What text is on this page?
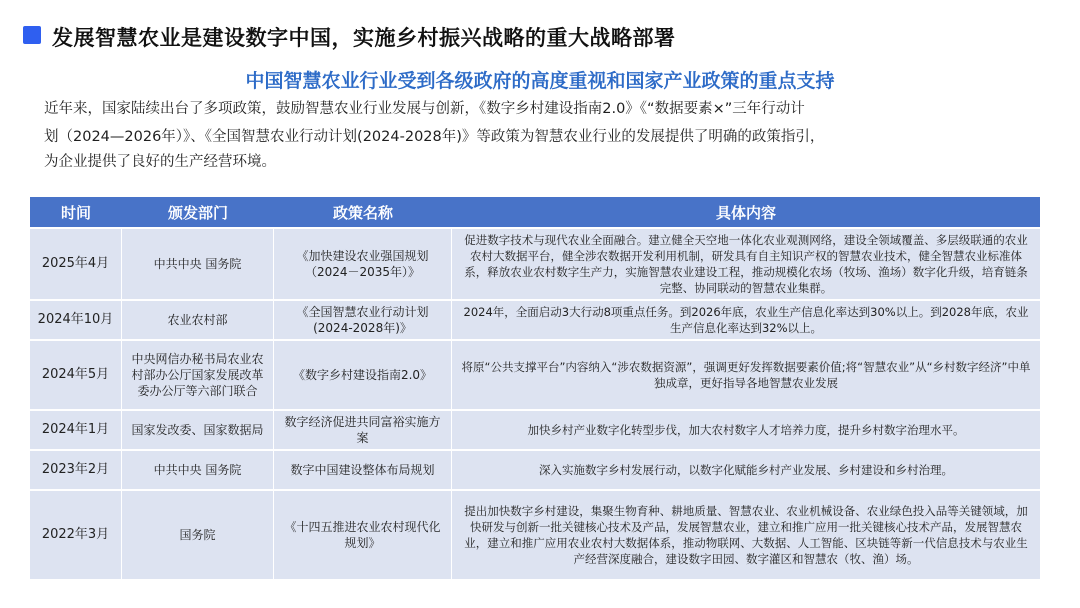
发展智慧农业是建设数字中国，实施乡村振兴战略的重大战略部署
中国智慧农业行业受到各级政府的高度重视和国家产业政策的重点支持

近年来，国家陆续出台了多项政策，鼓励智慧农业行业发展与创新，《数字乡村建设指南2.0》《“数据要素×”三年行动计

划（2024—2026年）》、《全国智慧农业行动计划(2024-2028年)》等政策为智慧农业行业的发展提供了明确的政策指引，

为企业提供了良好的生产经营环境。

时间	颁发部门	政策名称	具体内容
2025年4月	中共中央 国务院	《加快建设农业强国规划（2024－2035年）》	促进数字技术与现代农业全面融合。建立健全天空地一体化农业观测网络，建设全领域覆盖、多层级联通的农业农村大数据平台，健全涉农数据开发利用机制，研发具有自主知识产权的智慧农业技术，健全智慧农业标准体系，释放农业农村数字生产力，实施智慧农业建设工程，推动规模化农场（牧场、渔场）数字化升级，培育链条完整、协同联动的智慧农业集群。
2024年10月	农业农村部	《全国智慧农业行动计划(2024-2028年)》	2024年，全面启动3大行动8项重点任务。到2026年底，农业生产信息化率达到30%以上。到2028年底，农业生产信息化率达到32%以上。
2024年5月	中央网信办秘书局农业农村部办公厅国家发展改革委办公厅等六部门联合	《数字乡村建设指南2.0》	将原“公共支撑平台”内容纳入“涉农数据资源”，强调更好发挥数据要素价值;将“智慧农业”从“乡村数字经济”中单独成章，更好指导各地智慧农业发展
2024年1月	国家发改委、国家数据局	数字经济促进共同富裕实施方案	加快乡村产业数字化转型步伐，加大农村数字人才培养力度，提升乡村数字治理水平。
2023年2月	中共中央 国务院	数字中国建设整体布局规划	深入实施数字乡村发展行动，以数字化赋能乡村产业发展、乡村建设和乡村治理。
2022年3月	国务院	《十四五推进农业农村现代化规划》	提出加快数字乡村建设，集聚生物育种、耕地质量、智慧农业、农业机械设备、农业绿色投入品等关键领域，加快研发与创新一批关键核心技术及产品，发展智慧农业，建立和推广应用一批关键核心技术产品，发展智慧农业，建立和推广应用农业农村大数据体系，推动物联网、大数据、人工智能、区块链等新一代信息技术与农业生产经营深度融合，建设数字田园、数字灌区和智慧农（牧、渔）场。
